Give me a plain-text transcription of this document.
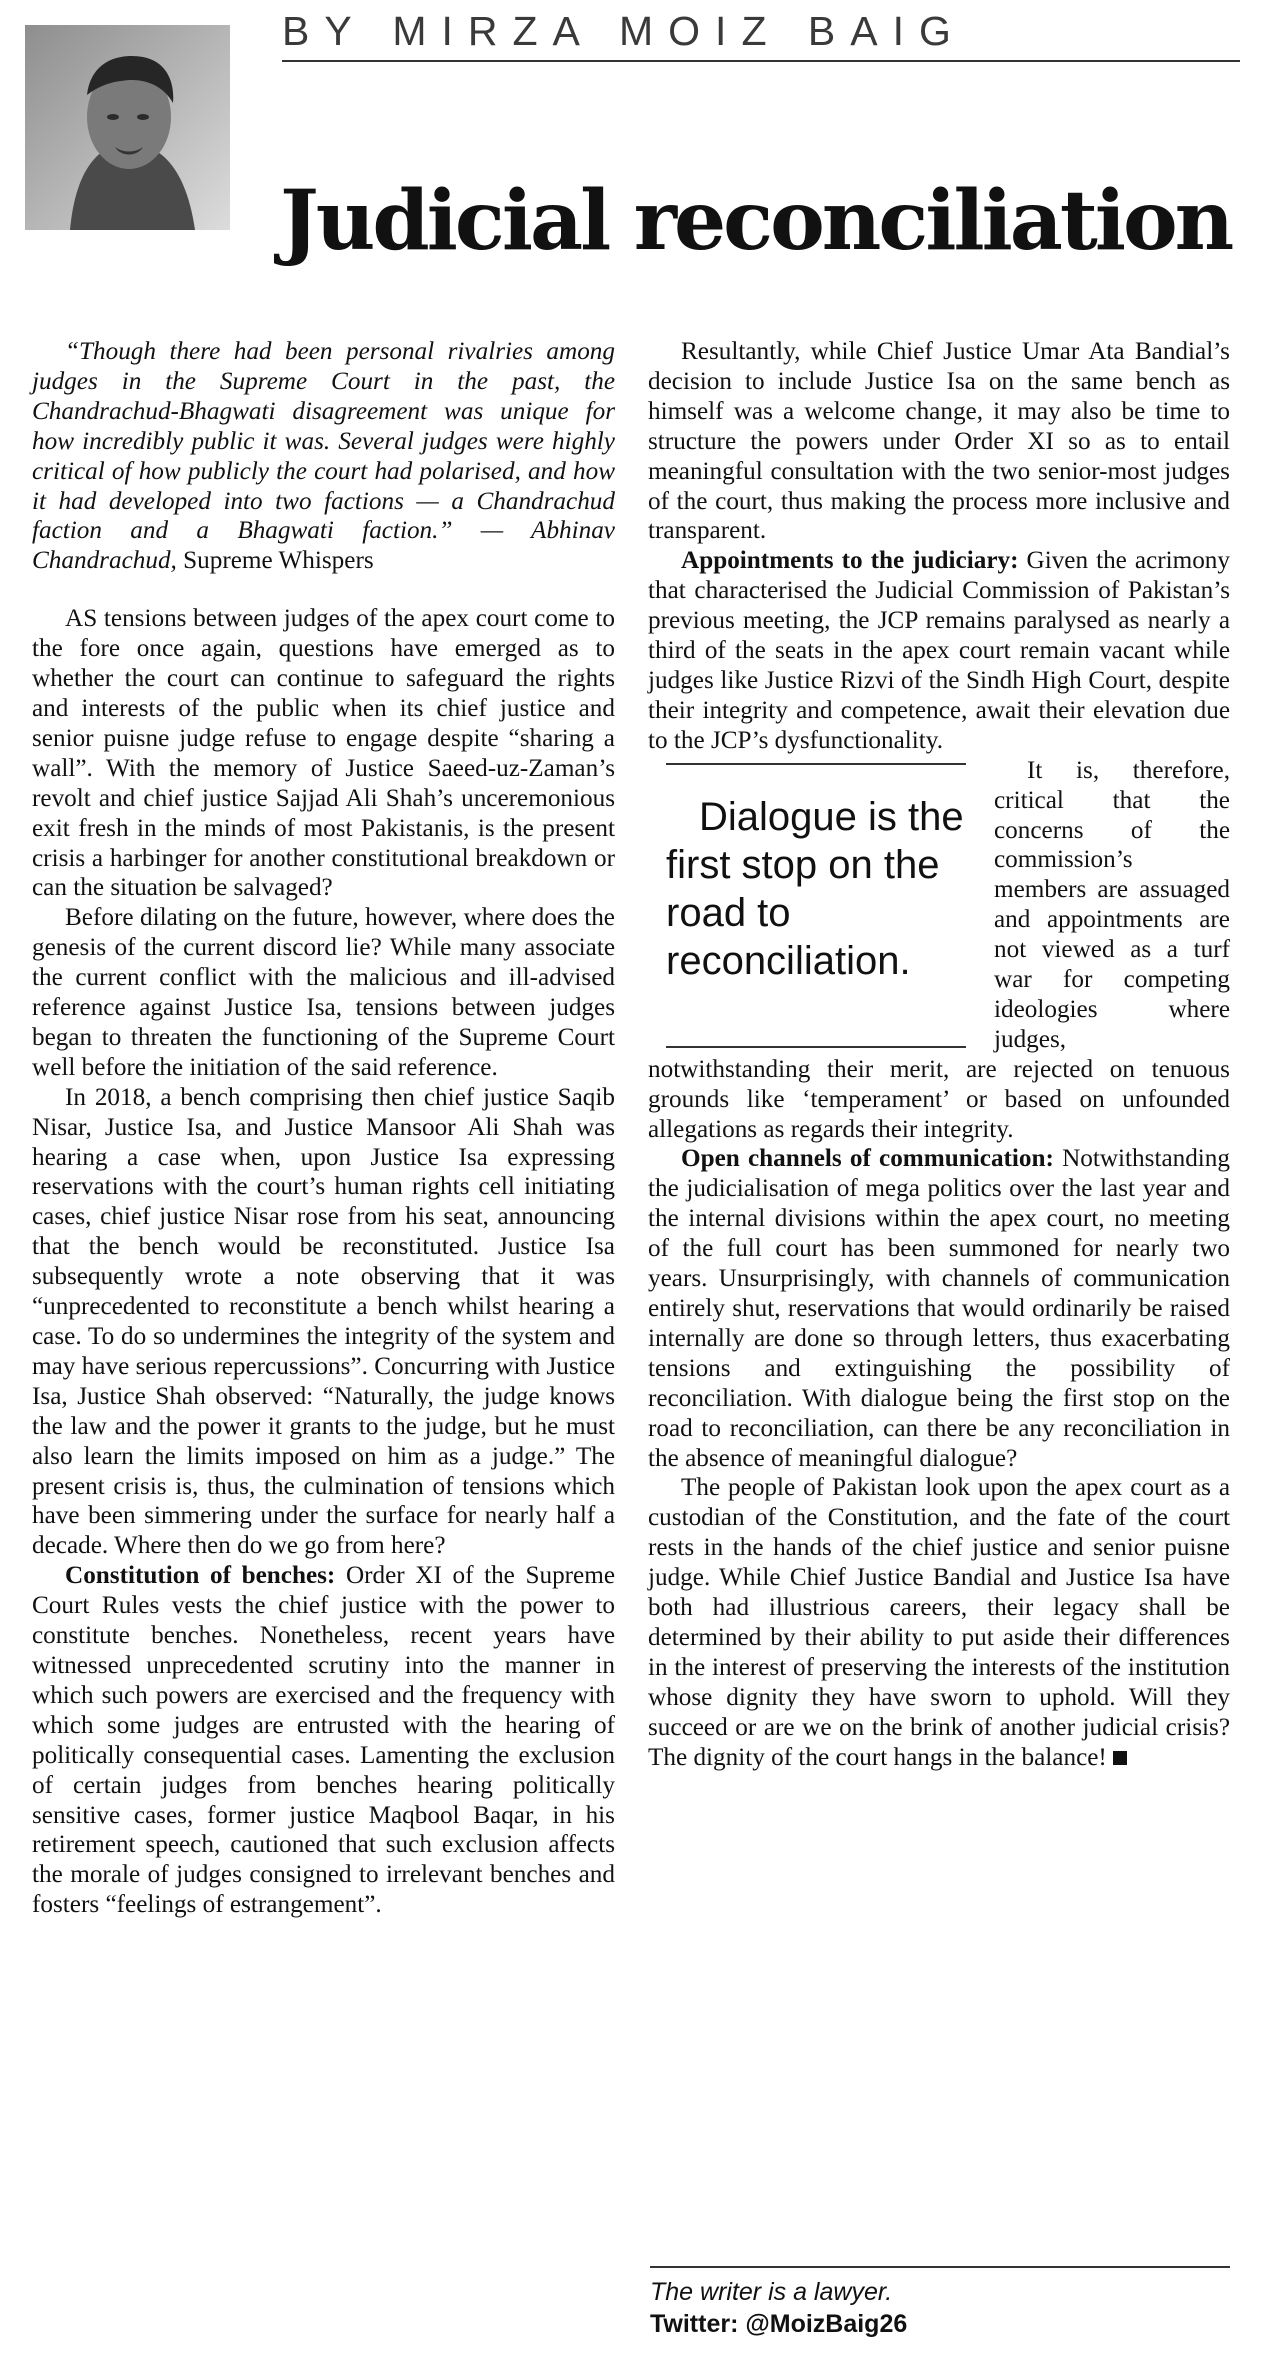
BY MIRZA MOIZ BAIG
Judicial reconciliation

“Though there had been personal rivalries among judges in the Supreme Court in the past, the Chandrachud-Bhagwati disagreement was unique for how incredibly public it was. Several judges were highly critical of how publicly the court had polarised, and how it had developed into two factions — a Chandrachud faction and a Bhagwati faction.” — Abhinav Chandrachud, Supreme Whispers

AS tensions between judges of the apex court come to the fore once again, questions have emerged as to whether the court can continue to safeguard the rights and interests of the public when its chief justice and senior puisne judge refuse to engage despite “sharing a wall”. With the memory of Justice Saeed-uz-Zaman’s revolt and chief justice Sajjad Ali Shah’s unceremonious exit fresh in the minds of most Pakistanis, is the present crisis a harbinger for another constitutional breakdown or can the situation be salvaged?

Before dilating on the future, however, where does the genesis of the current discord lie? While many associate the current conflict with the malicious and ill-advised reference against Justice Isa, tensions between judges began to threaten the functioning of the Supreme Court well before the initiation of the said reference.

In 2018, a bench comprising then chief justice Saqib Nisar, Justice Isa, and Justice Mansoor Ali Shah was hearing a case when, upon Justice Isa expressing reservations with the court’s human rights cell initiating cases, chief justice Nisar rose from his seat, announcing that the bench would be reconstituted. Justice Isa subsequently wrote a note observing that it was “unprecedented to reconstitute a bench whilst hearing a case. To do so undermines the integrity of the system and may have serious repercussions”. Concurring with Justice Isa, Justice Shah observed: “Naturally, the judge knows the law and the power it grants to the judge, but he must also learn the limits imposed on him as a judge.” The present crisis is, thus, the culmination of tensions which have been simmering under the surface for nearly half a decade. Where then do we go from here?

Constitution of benches: Order XI of the Supreme Court Rules vests the chief justice with the power to constitute benches. Nonetheless, recent years have witnessed unprecedented scrutiny into the manner in which such powers are exercised and the frequency with which some judges are entrusted with the hearing of politically consequential cases. Lamenting the exclusion of certain judges from benches hearing politically sensitive cases, former justice Maqbool Baqar, in his retirement speech, cautioned that such exclusion affects the morale of judges consigned to irrelevant benches and fosters “feelings of estrangement”.

Resultantly, while Chief Justice Umar Ata Bandial’s decision to include Justice Isa on the same bench as himself was a welcome change, it may also be time to structure the powers under Order XI so as to entail meaningful consultation with the two senior-most judges of the court, thus making the process more inclusive and transparent.

Appointments to the judiciary: Given the acrimony that characterised the Judicial Commission of Pakistan’s previous meeting, the JCP remains paralysed as nearly a third of the seats in the apex court remain vacant while judges like Justice Rizvi of the Sindh High Court, despite their integrity and competence, await their elevation due to the JCP’s dysfunctionality.

Dialogue is the first stop on the road to reconciliation.
It is, therefore, critical that the concerns of the commission’s members are assuaged and appointments are not viewed as a turf war for competing ideologies where judges, notwithstanding their merit, are rejected on tenuous grounds like ‘temperament’ or based on unfounded allegations as regards their integrity.

Open channels of communication: Notwithstanding the judicialisation of mega politics over the last year and the internal divisions within the apex court, no meeting of the full court has been summoned for nearly two years. Unsurprisingly, with channels of communication entirely shut, reservations that would ordinarily be raised internally are done so through letters, thus exacerbating tensions and extinguishing the possibility of reconciliation. With dialogue being the first stop on the road to reconciliation, can there be any reconciliation in the absence of meaningful dialogue?

The people of Pakistan look upon the apex court as a custodian of the Constitution, and the fate of the court rests in the hands of the chief justice and senior puisne judge. While Chief Justice Bandial and Justice Isa have both had illustrious careers, their legacy shall be determined by their ability to put aside their differences in the interest of preserving the interests of the institution whose dignity they have sworn to uphold. Will they succeed or are we on the brink of another judicial crisis? The dignity of the court hangs in the balance!

The writer is a lawyer.
Twitter: @MoizBaig26
